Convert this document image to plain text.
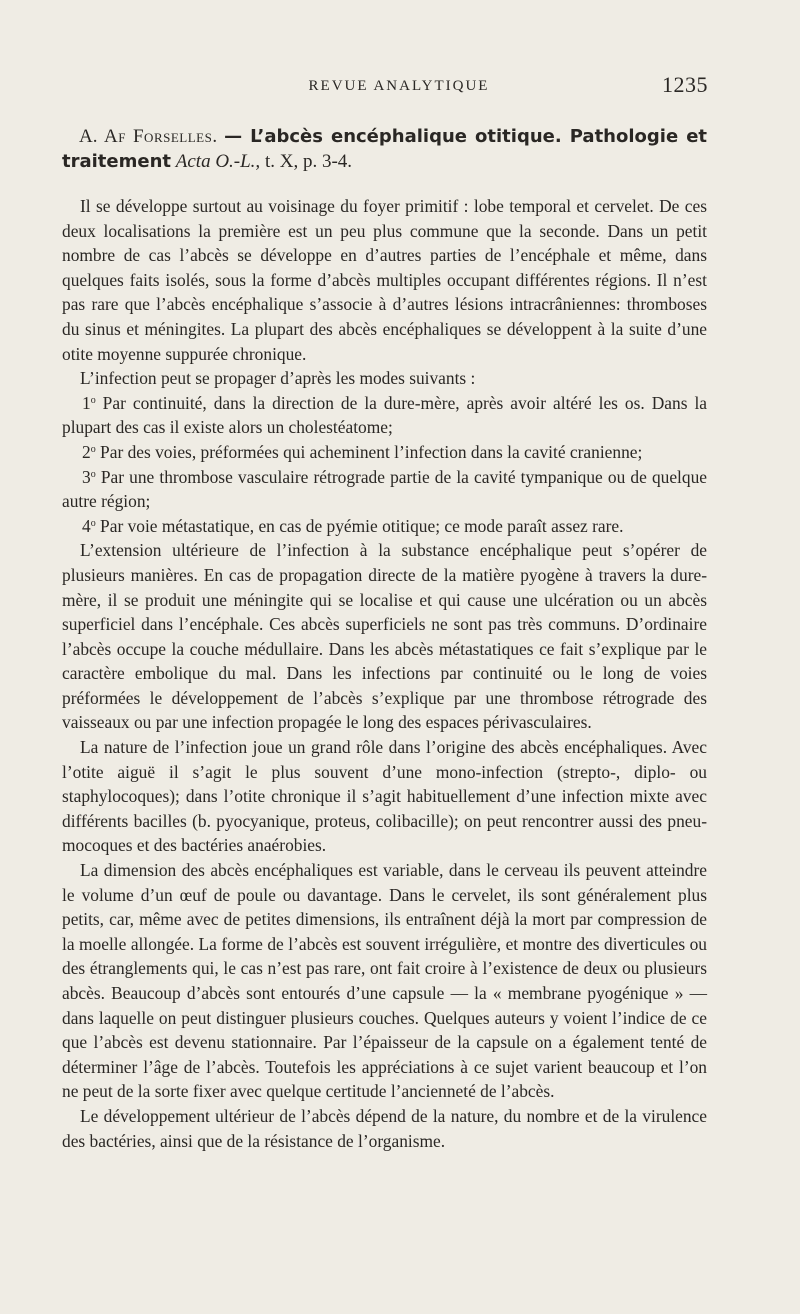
REVUE ANALYTIQUE	1235

A. Af Forselles. — L’abcès encéphalique otitique. Pathologie et traitement Acta O.-L., t. X, p. 3-4.

Il se développe surtout au voisinage du foyer primitif : lobe temporal et cervelet. De ces deux localisations la première est un peu plus commune que la seconde. Dans un petit nombre de cas l’abcès se développe en d’autres parties de l’encéphale et même, dans quelques faits isolés, sous la forme d’abcès multiples occupant différentes régions. Il n’est pas rare que l’abcès encéphalique s’associe à d’autres lésions intracrâniennes: thromboses du sinus et méningites. La plupart des abcès encéphaliques se développent à la suite d’une otite moyenne suppurée chronique.

L’infection peut se propager d’après les modes suivants :

1$^o$ Par continuité, dans la direction de la dure-mère, après avoir altéré les os. Dans la plupart des cas il existe alors un cholestéatome;

2$^o$ Par des voies, préformées qui acheminent l’infection dans la cavité cranienne;

3$^o$ Par une thrombose vasculaire rétrograde partie de la cavité tympanique ou de quelque autre région;

4$^o$ Par voie métastatique, en cas de pyémie otitique; ce mode paraît assez rare.

L’extension ultérieure de l’infection à la substance encéphalique peut s’opérer de plusieurs manières. En cas de propagation directe de la matière pyogène à travers la dure-mère, il se produit une méningite qui se localise et qui cause une ulcération ou un abcès superficiel dans l’encéphale. Ces abcès superficiels ne sont pas très communs. D’ordinaire l’abcès occupe la couche médullaire. Dans les abcès métastatiques ce fait s’explique par le caractère embolique du mal. Dans les infections par continuité ou le long de voies préformées le développement de l’abcès s’explique par une thrombose rétrograde des vaisseaux ou par une infection propagée le long des espaces périvasculaires.

La nature de l’infection joue un grand rôle dans l’origine des abcès encéphaliques. Avec l’otite aiguë il s’agit le plus souvent d’une mono-infection (strepto-, diplo- ou staphylocoques); dans l’otite chronique il s’agit habituellement d’une infection mixte avec différents bacilles (b. pyocyanique, proteus, colibacille); on peut rencontrer aussi des pneumocoques et des bactéries anaérobies.

La dimension des abcès encéphaliques est variable, dans le cerveau ils peuvent atteindre le volume d’un œuf de poule ou davantage. Dans le cervelet, ils sont généralement plus petits, car, même avec de petites dimensions, ils entraînent déjà la mort par compression de la moelle allongée. La forme de l’abcès est souvent irrégulière, et montre des diverticules ou des étranglements qui, le cas n’est pas rare, ont fait croire à l’existence de deux ou plusieurs abcès. Beaucoup d’abcès sont entourés d’une capsule — la « membrane pyogénique » — dans laquelle on peut distinguer plusieurs couches. Quelques auteurs y voient l’indice de ce que l’abcès est devenu stationnaire. Par l’épaisseur de la capsule on a également tenté de déterminer l’âge de l’abcès. Toutefois les appréciations à ce sujet varient beaucoup et l’on ne peut de la sorte fixer avec quelque certitude l’ancienneté de l’abcès.

Le développement ultérieur de l’abcès dépend de la nature, du nombre et de la virulence des bactéries, ainsi que de la résistance de l’organisme.
